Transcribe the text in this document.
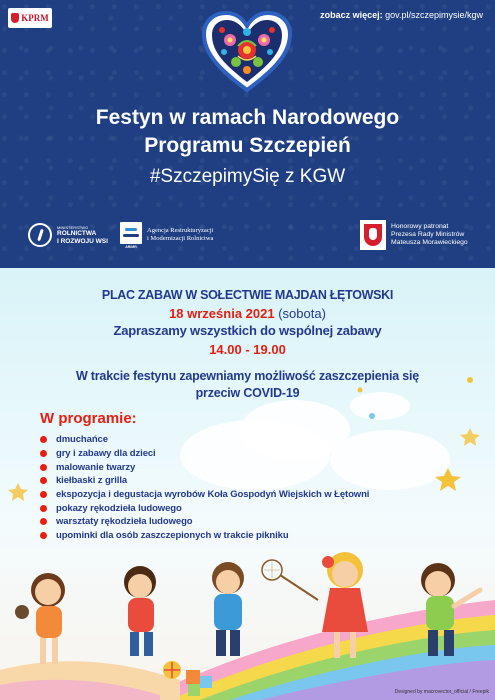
KPRM	zobacz więcej: gov.pl/szczepimysie/kgw
Festyn w ramach Narodowego
Programu Szczepień
#SzczepimySię z KGW
MINISTERSTWO
ROLNICTWA
I ROZWOJU WSI
ARiMR
Agencja Restrukturyzacji
i Modernizacji Rolnictwa
Honorowy patronat
Prezesa Rady Ministrów
Mateusza Morawieckiego
PLAC ZABAW W SOŁECTWIE MAJDAN ŁĘTOWSKI
18 września 2021 (sobota)
Zapraszamy wszystkich do wspólnej zabawy
14.00 - 19.00
W trakcie festynu zapewniamy możliwość zaszczepienia się
przeciw COVID-19
W programie:
dmuchańce
gry i zabawy dla dzieci
malowanie twarzy
kiełbaski z grilla
ekspozycja i degustacja wyrobów Koła Gospodyń Wiejskich w Łętowni
pokazy rękodzieła ludowego
warsztaty rękodzieła ludowego
upominki dla osób zaszczepionych w trakcie pikniku
Designed by macrovector_official / Freepik
